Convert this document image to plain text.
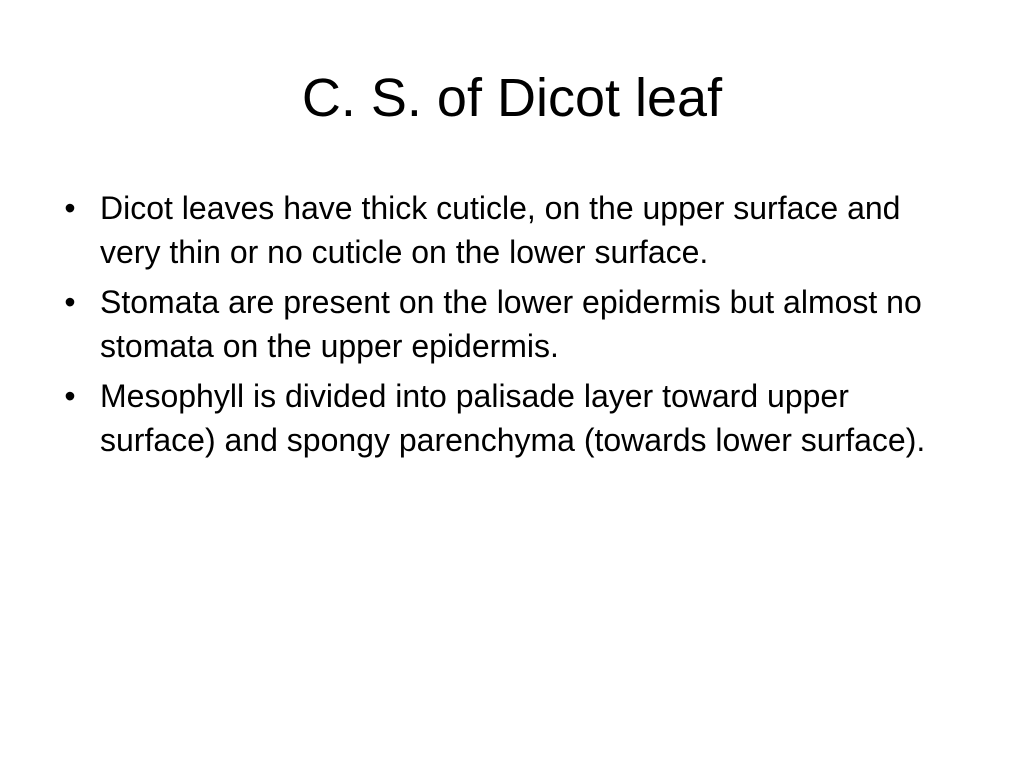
C. S. of Dicot leaf
• Dicot leaves have thick cuticle, on the upper surface and very thin or no cuticle on the lower surface.
• Stomata are present on the lower epidermis but almost no stomata on the upper epidermis.
• Mesophyll is divided into palisade layer toward upper surface) and spongy parenchyma (towards lower surface).
